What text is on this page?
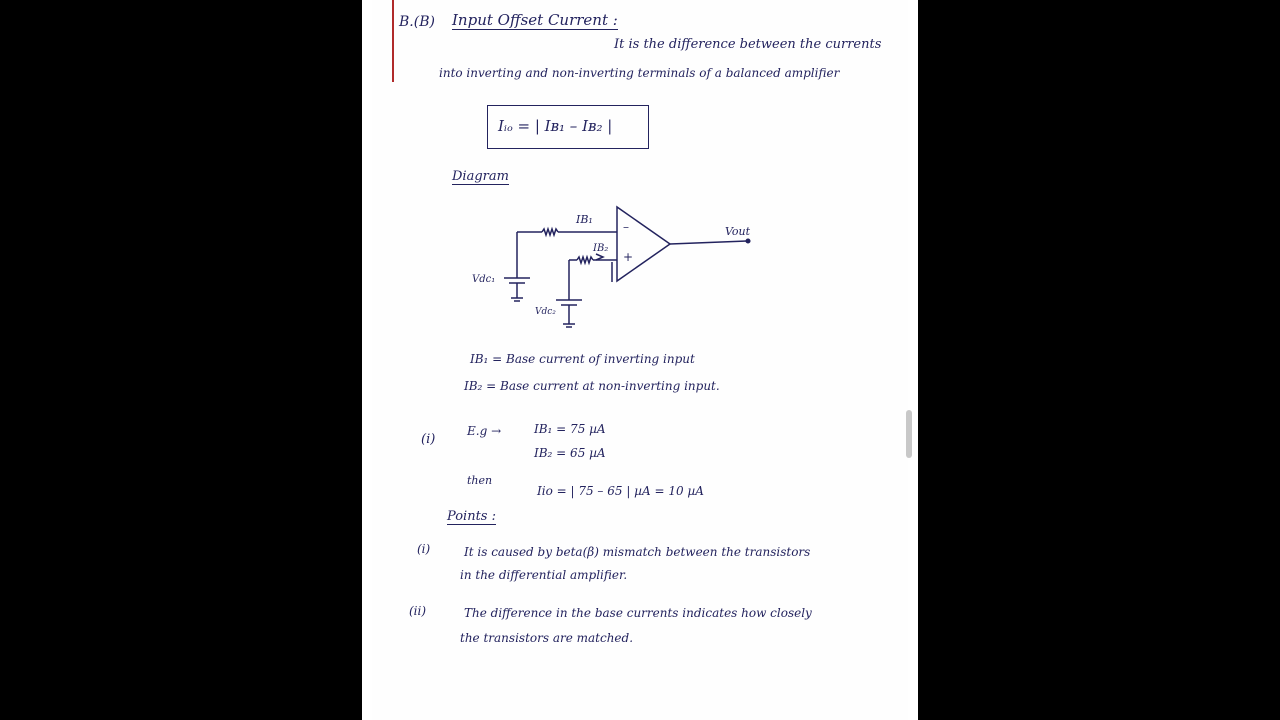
B.(B) Input Offset Current :
It is the difference between the currents
into inverting and non-inverting terminals of a balanced amplifier
Iᵢₒ = | Iʙ₁ – Iʙ₂ |
Diagram
IB₁
IB₂
Vout
Vdc₁
Vdc₂
–
+
IB₁ = Base current of inverting input
IB₂ = Base current at non-inverting input.
(i)
E.g →	IB₁ = 75 µA
IB₂ = 65 µA
then
Iio = | 75 – 65 | µA = 10 µA
Points :
(i)	It is caused by beta(β) mismatch between the transistors
in the differential amplifier.
(ii)	The difference in the base currents indicates how closely
the transistors are matched.
